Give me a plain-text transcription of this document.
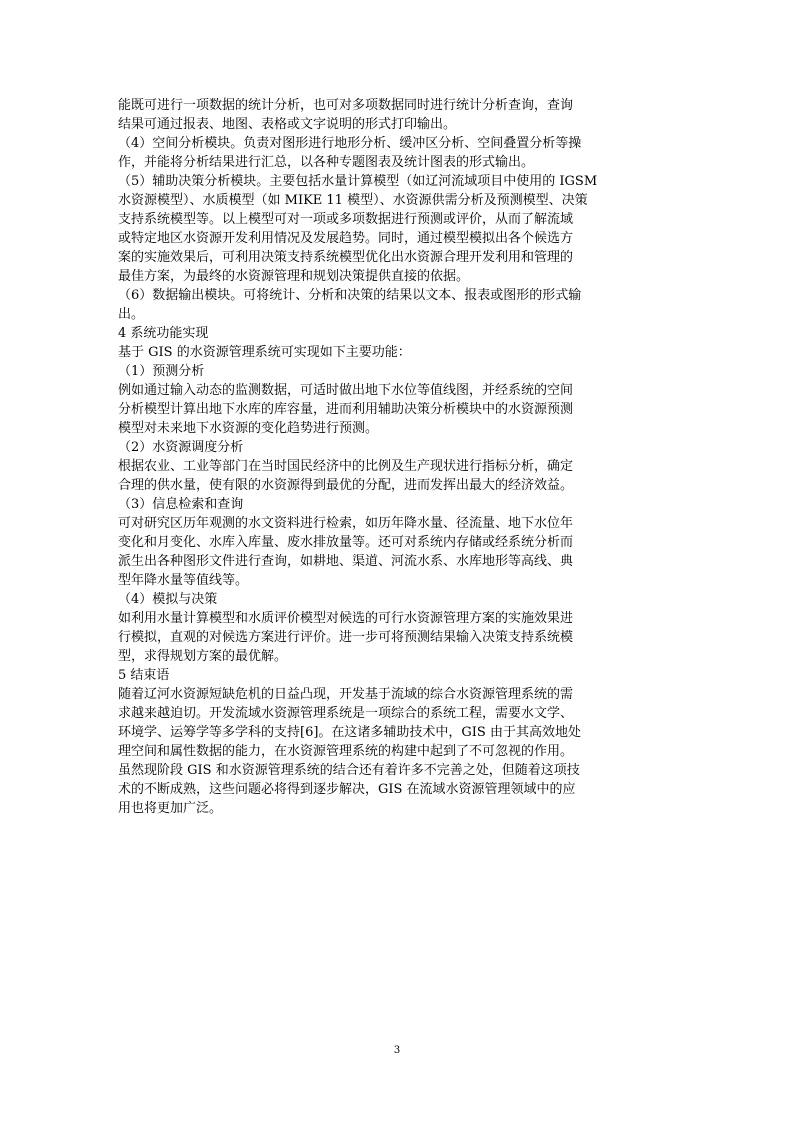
能既可进行一项数据的统计分析，也可对多项数据同时进行统计分析查询，查询
结果可通过报表、地图、表格或文字说明的形式打印输出。
（4）空间分析模块。负责对图形进行地形分析、缓冲区分析、空间叠置分析等操
作，并能将分析结果进行汇总，以各种专题图表及统计图表的形式输出。
（5）辅助决策分析模块。主要包括水量计算模型（如辽河流域项目中使用的 IGSM
水资源模型）、水质模型（如 MIKE 11 模型）、水资源供需分析及预测模型、决策
支持系统模型等。以上模型可对一项或多项数据进行预测或评价，从而了解流域
或特定地区水资源开发利用情况及发展趋势。同时，通过模型模拟出各个候选方
案的实施效果后，可利用决策支持系统模型优化出水资源合理开发利用和管理的
最佳方案，为最终的水资源管理和规划决策提供直接的依据。
（6）数据输出模块。可将统计、分析和决策的结果以文本、报表或图形的形式输
出。
4 系统功能实现
基于 GIS 的水资源管理系统可实现如下主要功能：
（1）预测分析
例如通过输入动态的监测数据，可适时做出地下水位等值线图，并经系统的空间
分析模型计算出地下水库的库容量，进而利用辅助决策分析模块中的水资源预测
模型对未来地下水资源的变化趋势进行预测。
（2）水资源调度分析
根据农业、工业等部门在当时国民经济中的比例及生产现状进行指标分析，确定
合理的供水量，使有限的水资源得到最优的分配，进而发挥出最大的经济效益。
（3）信息检索和查询
可对研究区历年观测的水文资料进行检索，如历年降水量、径流量、地下水位年
变化和月变化、水库入库量、废水排放量等。还可对系统内存储或经系统分析而
派生出各种图形文件进行查询，如耕地、渠道、河流水系、水库地形等高线、典
型年降水量等值线等。
（4）模拟与决策
如利用水量计算模型和水质评价模型对候选的可行水资源管理方案的实施效果进
行模拟，直观的对候选方案进行评价。进一步可将预测结果输入决策支持系统模
型，求得规划方案的最优解。
5 结束语
随着辽河水资源短缺危机的日益凸现，开发基于流域的综合水资源管理系统的需
求越来越迫切。开发流域水资源管理系统是一项综合的系统工程，需要水文学、
环境学、运筹学等多学科的支持[6]。在这诸多辅助技术中，GIS 由于其高效地处
理空间和属性数据的能力，在水资源管理系统的构建中起到了不可忽视的作用。
虽然现阶段 GIS 和水资源管理系统的结合还有着许多不完善之处，但随着这项技
术的不断成熟，这些问题必将得到逐步解决，GIS 在流域水资源管理领域中的应
用也将更加广泛。
3
